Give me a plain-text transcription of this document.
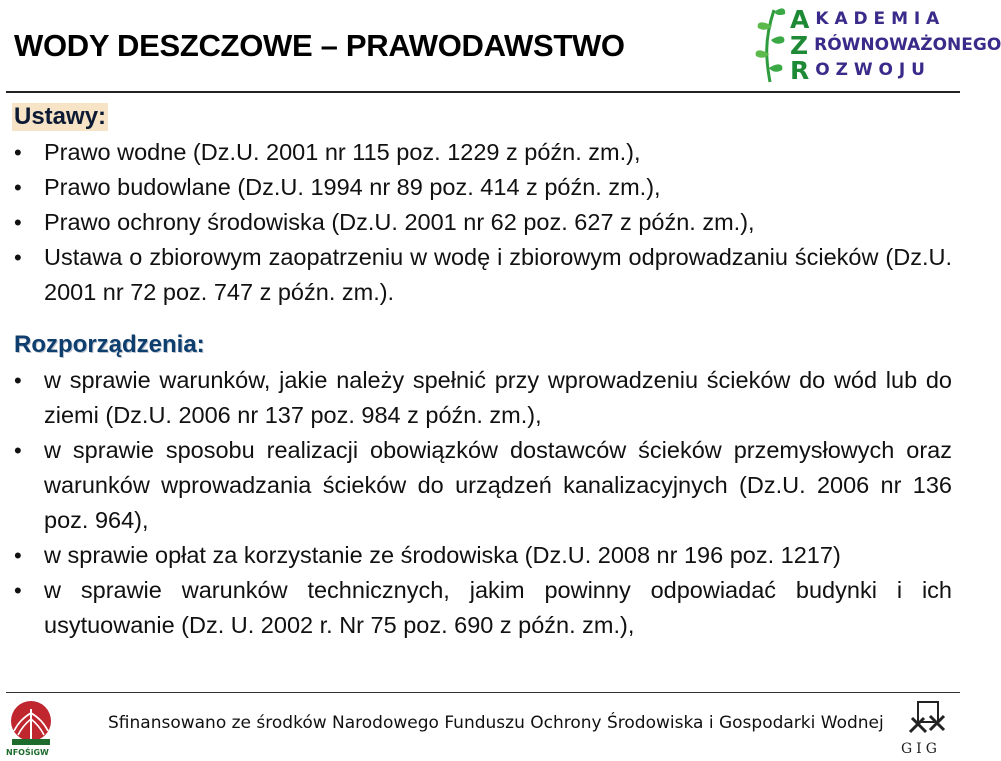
WODY DESZCZOWE – PRAWODAWSTWO
A K A D E M I A
Z RÓWNOWAŻONEGO
R O Z W O J U
Ustawy:
• Prawo wodne (Dz.U. 2001 nr 115 poz. 1229 z późn. zm.),
• Prawo budowlane (Dz.U. 1994 nr 89 poz. 414 z późn. zm.),
• Prawo ochrony środowiska (Dz.U. 2001 nr 62 poz. 627 z późn. zm.),
• Ustawa o zbiorowym zaopatrzeniu w wodę i zbiorowym odprowadzaniu ścieków (Dz.U. 2001 nr 72 poz. 747 z późn. zm.).
Rozporządzenia:
• w sprawie warunków, jakie należy spełnić przy wprowadzeniu ścieków do wód lub do ziemi (Dz.U. 2006 nr 137 poz. 984 z późn. zm.),
• w sprawie sposobu realizacji obowiązków dostawców ścieków przemysłowych oraz warunków wprowadzania ścieków do urządzeń kanalizacyjnych (Dz.U. 2006 nr 136 poz. 964),
• w sprawie opłat za korzystanie ze środowiska (Dz.U. 2008 nr 196 poz. 1217)
• w sprawie warunków technicznych, jakim powinny odpowiadać budynki i ich usytuowanie (Dz. U. 2002 r. Nr 75 poz. 690 z późn. zm.),
NFOŚiGW
Sfinansowano ze środków Narodowego Funduszu Ochrony Środowiska i Gospodarki Wodnej
GIG
